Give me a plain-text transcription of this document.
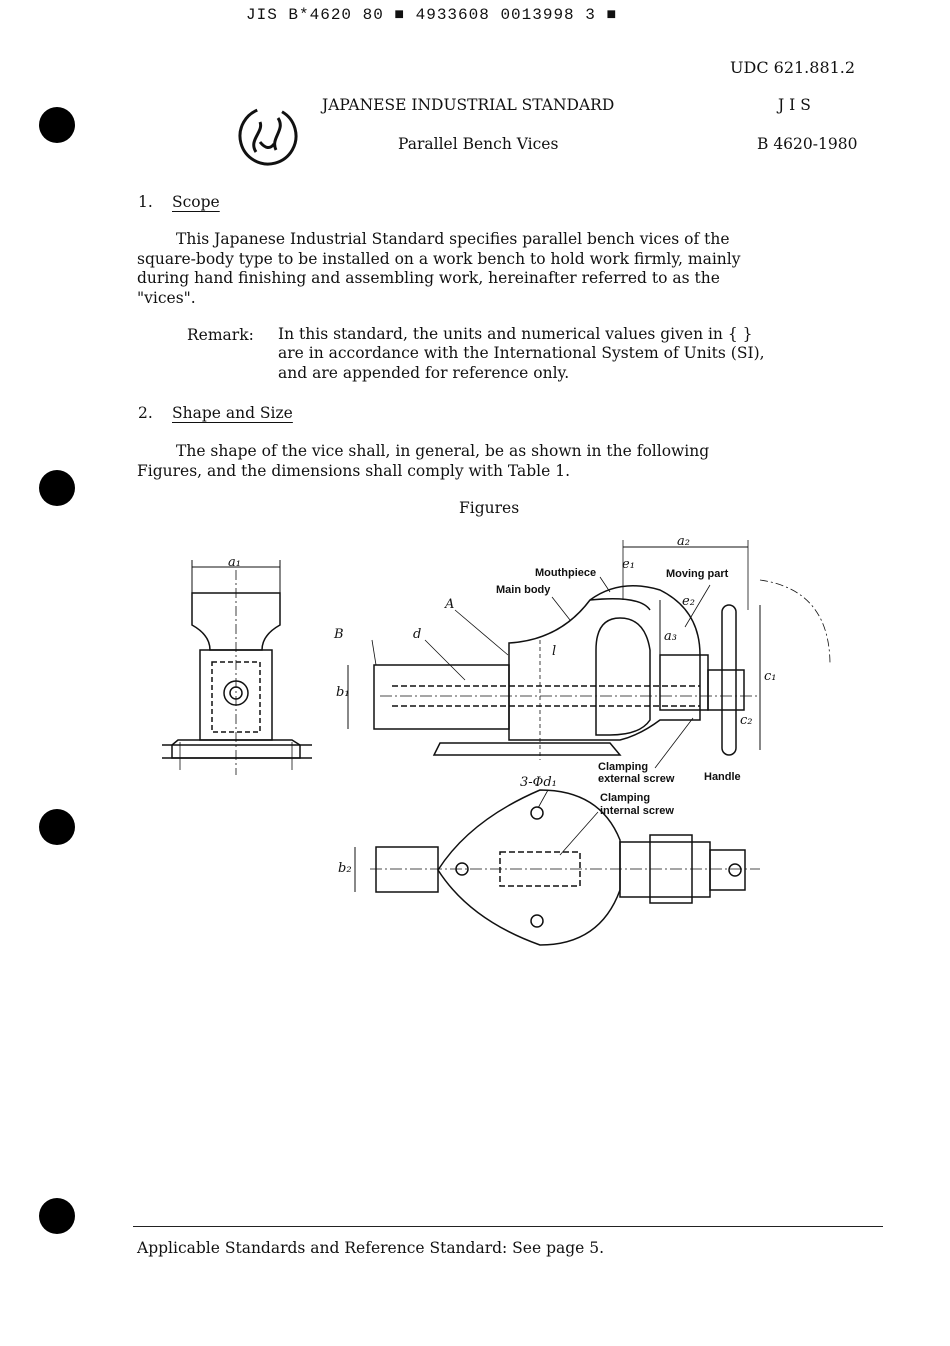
JIS B*4620 80 ■ 4933608 0013998 3 ■
UDC 621.881.2
JAPANESE INDUSTRIAL STANDARD	J I S
Parallel Bench Vices	B 4620-1980
1. Scope
This Japanese Industrial Standard specifies parallel bench vices of the
square-body type to be installed on a work bench to hold work firmly, mainly
during hand finishing and assembling work, hereinafter referred to as the
"vices".
Remark: In this standard, the units and numerical values given in { }
are in accordance with the International System of Units (SI),
and are appended for reference only.
2. Shape and Size
The shape of the vice shall, in general, be as shown in the following
Figures, and the dimensions shall comply with Table 1.
Figures
a₁
a₂
e₁
e₂
a₃
c₁
c₂
b₁
b₂
l
d
A
B
3-Φd₁
Mouthpiece
Main body
Moving part
Clamping
external screw
Clamping
internal screw
Handle
Applicable Standards and Reference Standard: See page 5.
